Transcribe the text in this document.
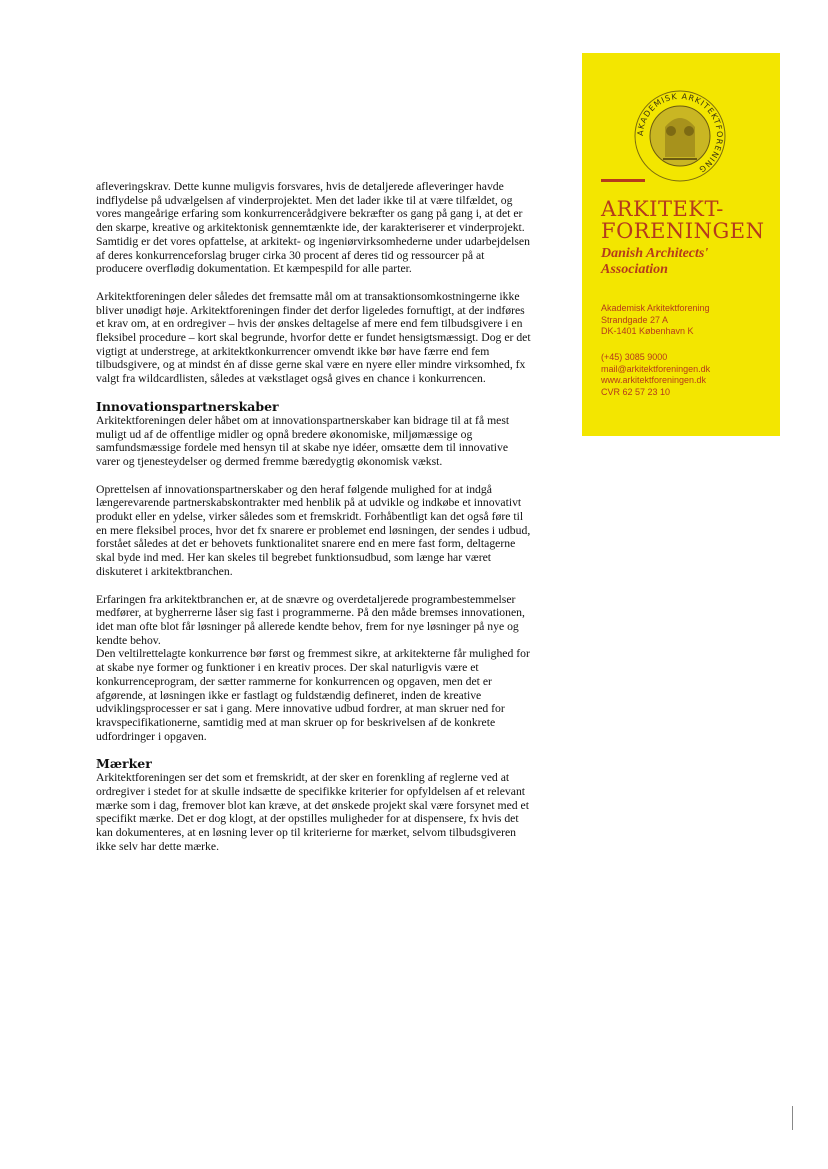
AKADEMISK ARKITEKTFORENING
ARKITEKT-
FORENINGEN
Danish Architects'
Association
Akademisk Arkitektforening
Strandgade 27 A
DK-1401 København K
(+45) 3085 9000
mail@arkitektforeningen.dk
www.arkitektforeningen.dk
CVR 62 57 23 10

afleveringskrav. Dette kunne muligvis forsvares, hvis de detaljerede afleveringer havde indflydelse på udvælgelsen af vinderprojektet. Men det lader ikke til at være tilfældet, og vores mangeårige erfaring som konkurrencerådgivere bekræfter os gang på gang i, at det er den skarpe, kreative og arkitektonisk gennemtænkte ide, der karakteriserer et vinderprojekt. Samtidig er det vores opfattelse, at arkitekt- og ingeniørvirksomhederne under udarbejdelsen af deres konkurrenceforslag bruger cirka 30 procent af deres tid og ressourcer på at producere overflødig dokumentation. Et kæmpespild for alle parter.

Arkitektforeningen deler således det fremsatte mål om at transaktionsomkostningerne ikke bliver unødigt høje. Arkitektforeningen finder det derfor ligeledes fornuftigt, at der indføres et krav om, at en ordregiver – hvis der ønskes deltagelse af mere end fem tilbudsgivere i en fleksibel procedure – kort skal begrunde, hvorfor dette er fundet hensigtsmæssigt. Dog er det vigtigt at understrege, at arkitektkonkurrencer omvendt ikke bør have færre end fem tilbudsgivere, og at mindst én af disse gerne skal være en nyere eller mindre virksomhed, fx valgt fra wildcardlisten, således at vækstlaget også gives en chance i konkurrencen.

Innovationspartnerskaber

Arkitektforeningen deler håbet om at innovationspartnerskaber kan bidrage til at få mest muligt ud af de offentlige midler og opnå bredere økonomiske, miljømæssige og samfundsmæssige fordele med hensyn til at skabe nye idéer, omsætte dem til innovative varer og tjenesteydelser og dermed fremme bæredygtig økonomisk vækst.

Oprettelsen af innovationspartnerskaber og den heraf følgende mulighed for at indgå længerevarende partnerskabskontrakter med henblik på at udvikle og indkøbe et innovativt produkt eller en ydelse, virker således som et fremskridt. Forhåbentligt kan det også føre til en mere fleksibel proces, hvor det fx snarere er problemet end løsningen, der sendes i udbud, forstået således at det er behovets funktionalitet snarere end en mere fast form, deltagerne skal byde ind med. Her kan skeles til begrebet funktionsudbud, som længe har været diskuteret i arkitektbranchen.

Erfaringen fra arkitektbranchen er, at de snævre og overdetaljerede programbestemmelser medfører, at bygherrerne låser sig fast i programmerne. På den måde bremses innovationen, idet man ofte blot får løsninger på allerede kendte behov, frem for nye løsninger på nye og kendte behov.

Den veltilrettelagte konkurrence bør først og fremmest sikre, at arkitekterne får mulighed for at skabe nye former og funktioner i en kreativ proces. Der skal naturligvis være et konkurrenceprogram, der sætter rammerne for konkurrencen og opgaven, men det er afgørende, at løsningen ikke er fastlagt og fuldstændig defineret, inden de kreative udviklingsprocesser er sat i gang. Mere innovative udbud fordrer, at man skruer ned for kravspecifikationerne, samtidig med at man skruer op for beskrivelsen af de konkrete udfordringer i opgaven.

Mærker

Arkitektforeningen ser det som et fremskridt, at der sker en forenkling af reglerne ved at ordregiver i stedet for at skulle indsætte de specifikke kriterier for opfyldelsen af et relevant mærke som i dag, fremover blot kan kræve, at det ønskede projekt skal være forsynet med et specifikt mærke. Det er dog klogt, at der opstilles muligheder for at dispensere, fx hvis det kan dokumenteres, at en løsning lever op til kriterierne for mærket, selvom tilbudsgiveren ikke selv har dette mærke.
